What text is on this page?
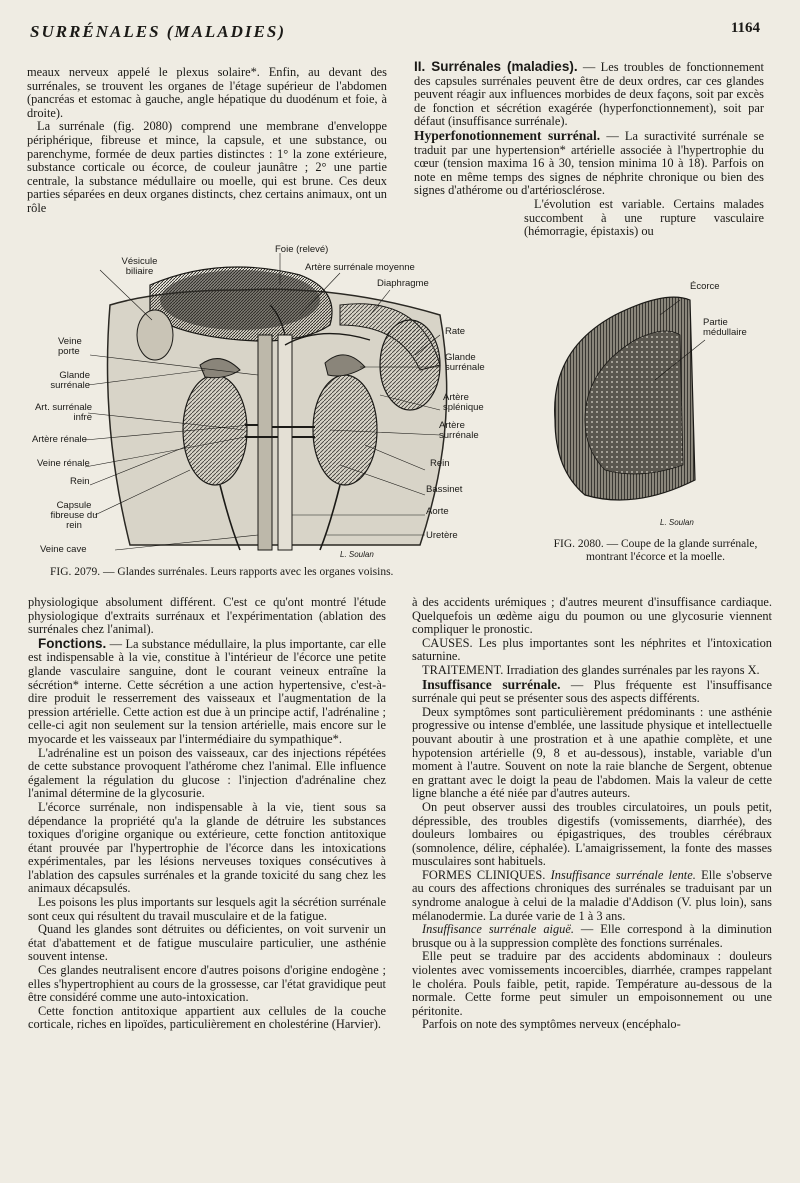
SURRÉNALES (MALADIES)	1164

meaux nerveux appelé le plexus solaire*. Enfin, au devant des surrénales, se trouvent les organes de l'étage supérieur de l'abdomen (pancréas et estomac à gauche, angle hépatique du duodénum et foie, à droite).

La surrénale (fig. 2080) comprend une membrane d'enveloppe périphérique, fibreuse et mince, la capsule, et une substance, ou parenchyme, formée de deux parties distinctes : 1° la zone extérieure, substance corticale ou écorce, de couleur jaunâtre ; 2° une partie centrale, la substance médullaire ou moelle, qui est brune. Ces deux parties séparées en deux organes distincts, chez certains animaux, ont un rôle

II. Surrénales (maladies). — Les troubles de fonctionnement des capsules surrénales peuvent être de deux ordres, car ces glandes peuvent réagir aux influences morbides de deux façons, soit par excès de fonction et sécrétion exagérée (hyperfonctionnement), soit par défaut (insuffisance surrénale).

Hyperfonotionnement surrénal. — La suractivité surrénale se traduit par une hypertension* artérielle associée à l'hypertrophie du cœur (tension maxima 16 à 30, tension minima 10 à 18). Parfois on note en même temps des signes de néphrite chronique ou bien des signes d'athérome ou d'artériosclérose.

L'évolution est variable. Certains malades succombent à une rupture vasculaire (hémorragie, épistaxis) ou

Foie (relevé)
Vésicule biliaire	Artère surrénale moyenne
Diaphragme
Veine porte
Glande surrénale
Art. surrénale infre
Artère rénale
Veine rénale
Rein
Capsule fibreuse du rein
Veine cave
Rate
Glande surrénale
Artère splénique
Artère surrénale
Rein
Bassinet
Aorte
Uretère
L. Soulan
FIG. 2079. — Glandes surrénales. Leurs rapports avec les organes voisins.
Écorce
Partie médullaire
L. Soulan
FIG. 2080. — Coupe de la glande surrénale, montrant l'écorce et la moelle.

physiologique absolument différent. C'est ce qu'ont montré l'étude physiologique d'extraits surrénaux et l'expérimentation (ablation des surrénales chez l'animal).

Fonctions. — La substance médullaire, la plus importante, car elle est indispensable à la vie, constitue à l'intérieur de l'écorce une petite glande vasculaire sanguine, dont le courant veineux entraîne la sécrétion* interne. Cette sécrétion a une action hypertensive, c'est-à-dire produit le resserrement des vaisseaux et l'augmentation de la pression artérielle. Cette action est due à un principe actif, l'adrénaline ; celle-ci agit non seulement sur la tension artérielle, mais encore sur le myocarde et les vaisseaux par l'intermédiaire du sympathique*.

L'adrénaline est un poison des vaisseaux, car des injections répétées de cette substance provoquent l'athérome chez l'animal. Elle influence également la régulation du glucose : l'injection d'adrénaline chez l'animal détermine de la glycosurie.

L'écorce surrénale, non indispensable à la vie, tient sous sa dépendance la propriété qu'a la glande de détruire les substances toxiques d'origine organique ou extérieure, cette fonction antitoxique étant prouvée par l'hypertrophie de l'écorce dans les intoxications expérimentales, par les lésions nerveuses toxiques consécutives à l'ablation des capsules surrénales et la grande toxicité du sang chez les animaux décapsulés.

Les poisons les plus importants sur lesquels agit la sécrétion surrénale sont ceux qui résultent du travail musculaire et de la fatigue.

Quand les glandes sont détruites ou déficientes, on voit survenir un état d'abattement et de fatigue musculaire particulier, une asthénie souvent intense.

Ces glandes neutralisent encore d'autres poisons d'origine endogène ; elles s'hypertrophient au cours de la grossesse, car l'état gravidique peut être considéré comme une auto-intoxication.

Cette fonction antitoxique appartient aux cellules de la couche corticale, riches en lipoïdes, particulièrement en cholestérine (Harvier).

à des accidents urémiques ; d'autres meurent d'insuffisance cardiaque. Quelquefois un œdème aigu du poumon ou une glycosurie viennent compliquer le pronostic.

CAUSES. Les plus importantes sont les néphrites et l'intoxication saturnine.

TRAITEMENT. Irradiation des glandes surrénales par les rayons X.

Insuffisance surrénale. — Plus fréquente est l'insuffisance surrénale qui peut se présenter sous des aspects différents.

Deux symptômes sont particulièrement prédominants : une asthénie progressive ou intense d'emblée, une lassitude physique et intellectuelle pouvant aboutir à une prostration et à une apathie complète, et une hypotension artérielle (9, 8 et au-dessous), instable, variable d'un moment à l'autre. Souvent on note la raie blanche de Sergent, obtenue en grattant avec le doigt la peau de l'abdomen. Mais la valeur de cette ligne blanche a été niée par d'autres auteurs.

On peut observer aussi des troubles circulatoires, un pouls petit, dépressible, des troubles digestifs (vomissements, diarrhée), des douleurs lombaires ou épigastriques, des troubles cérébraux (somnolence, délire, céphalée). L'amaigrissement, la fonte des masses musculaires sont habituels.

FORMES CLINIQUES. Insuffisance surrénale lente. Elle s'observe au cours des affections chroniques des surrénales se traduisant par un syndrome analogue à celui de la maladie d'Addison (V. plus loin), sans mélanodermie. La durée varie de 1 à 3 ans.

Insuffisance surrénale aiguë. — Elle correspond à la diminution brusque ou à la suppression complète des fonctions surrénales.

Elle peut se traduire par des accidents abdominaux : douleurs violentes avec vomissements incoercibles, diarrhée, crampes rappelant le choléra. Pouls faible, petit, rapide. Température au-dessous de la normale. Cette forme peut simuler un empoisonnement ou une péritonite.

Parfois on note des symptômes nerveux (encéphalo-
